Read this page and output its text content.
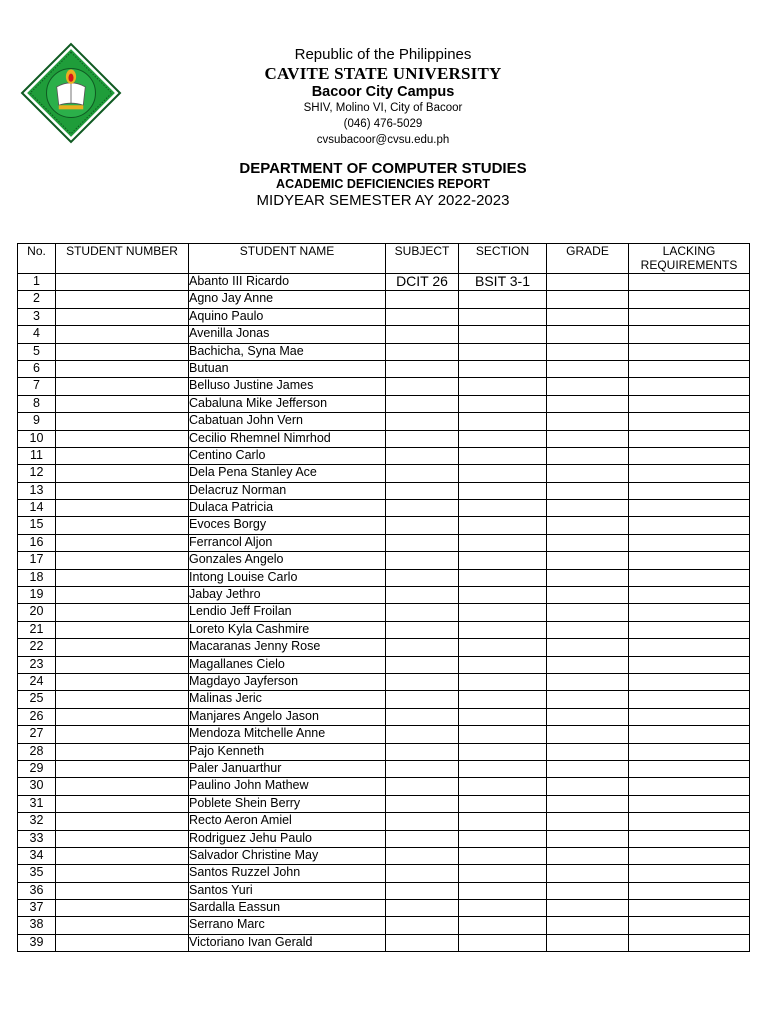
Republic of the Philippines
CAVITE STATE UNIVERSITY
Bacoor City Campus
SHIV, Molino VI, City of Bacoor
(046) 476-5029
cvsubacoor@cvsu.edu.ph
DEPARTMENT OF COMPUTER STUDIES
ACADEMIC DEFICIENCIES REPORT
MIDYEAR SEMESTER AY 2022-2023
No.	STUDENT NUMBER	STUDENT NAME	SUBJECT	SECTION	GRADE	LACKING REQUIREMENTS
1		Abanto III Ricardo	DCIT 26	BSIT 3-1		
2		Agno Jay Anne				
3		Aquino Paulo				
4		Avenilla Jonas				
5		Bachicha, Syna Mae				
6		Butuan				
7		Belluso Justine James				
8		Cabaluna Mike Jefferson				
9		Cabatuan John Vern				
10		Cecilio Rhemnel Nimrhod				
11		Centino Carlo				
12		Dela Pena Stanley Ace				
13		Delacruz Norman				
14		Dulaca Patricia				
15		Evoces Borgy				
16		Ferrancol Aljon				
17		Gonzales Angelo				
18		Intong Louise Carlo				
19		Jabay Jethro				
20		Lendio Jeff Froilan				
21		Loreto Kyla Cashmire				
22		Macaranas Jenny Rose				
23		Magallanes Cielo				
24		Magdayo Jayferson				
25		Malinas Jeric				
26		Manjares Angelo Jason				
27		Mendoza Mitchelle Anne				
28		Pajo Kenneth				
29		Paler Januarthur				
30		Paulino John Mathew				
31		Poblete Shein Berry				
32		Recto Aeron Amiel				
33		Rodriguez Jehu Paulo				
34		Salvador Christine May				
35		Santos Ruzzel John				
36		Santos Yuri				
37		Sardalla Eassun				
38		Serrano Marc				
39		Victoriano Ivan Gerald				
